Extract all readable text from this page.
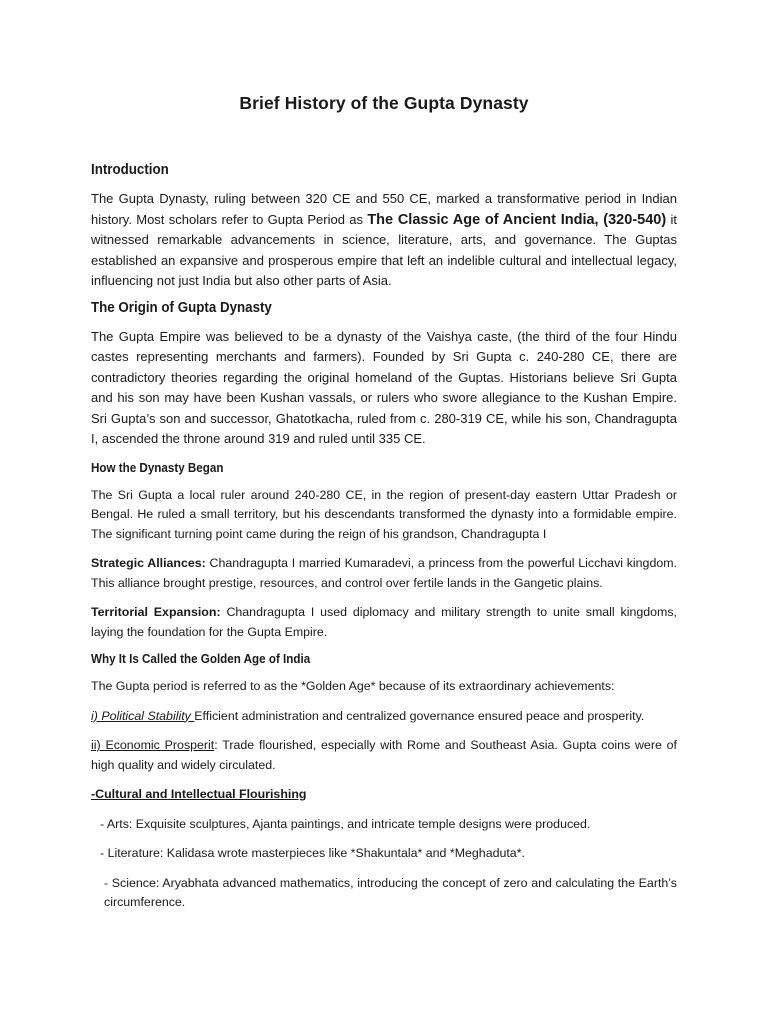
Brief History of the Gupta Dynasty
Introduction

The Gupta Dynasty, ruling between 320 CE and 550 CE, marked a transformative period in Indian history. Most scholars refer to Gupta Period as The Classic Age of Ancient India, (320-540) it witnessed remarkable advancements in science, literature, arts, and governance. The Guptas established an expansive and prosperous empire that left an indelible cultural and intellectual legacy, influencing not just India but also other parts of Asia.

The Origin of Gupta Dynasty

The Gupta Empire was believed to be a dynasty of the Vaishya caste, (the third of the four Hindu castes representing merchants and farmers). Founded by Sri Gupta c. 240-280 CE, there are contradictory theories regarding the original homeland of the Guptas. Historians believe Sri Gupta and his son may have been Kushan vassals, or rulers who swore allegiance to the Kushan Empire. Sri Gupta’s son and successor, Ghatotkacha, ruled from c. 280-319 CE, while his son, Chandragupta I, ascended the throne around 319 and ruled until 335 CE.

How the Dynasty Began

The Sri Gupta a local ruler around 240-280 CE, in the region of present-day eastern Uttar Pradesh or Bengal. He ruled a small territory, but his descendants transformed the dynasty into a formidable empire. The significant turning point came during the reign of his grandson, Chandragupta I

Strategic Alliances: Chandragupta I married Kumaradevi, a princess from the powerful Licchavi kingdom. This alliance brought prestige, resources, and control over fertile lands in the Gangetic plains.

Territorial Expansion: Chandragupta I used diplomacy and military strength to unite small kingdoms, laying the foundation for the Gupta Empire.

Why It Is Called the Golden Age of India

The Gupta period is referred to as the *Golden Age* because of its extraordinary achievements:

i) Political Stability Efficient administration and centralized governance ensured peace and prosperity.

ii) Economic Prosperit: Trade flourished, especially with Rome and Southeast Asia. Gupta coins were of high quality and widely circulated.

-Cultural and Intellectual Flourishing

- Arts: Exquisite sculptures, Ajanta paintings, and intricate temple designs were produced.

- Literature: Kalidasa wrote masterpieces like *Shakuntala* and *Meghaduta*.

- Science: Aryabhata advanced mathematics, introducing the concept of zero and calculating the Earth’s circumference.
